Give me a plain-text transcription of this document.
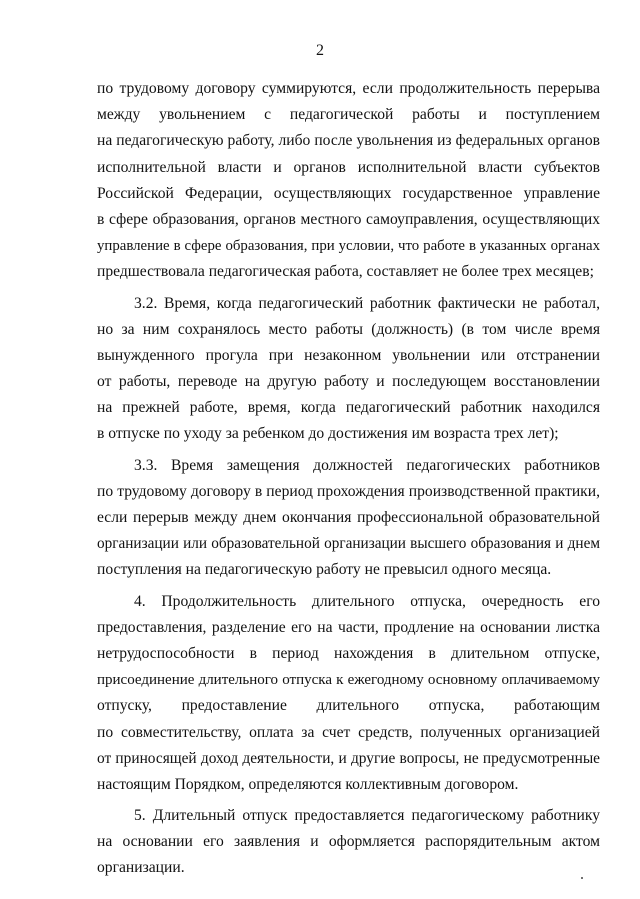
2
по трудовому договору суммируются, если продолжительность перерыва
между увольнением с педагогической работы и поступлением
на педагогическую работу, либо после увольнения из федеральных органов
исполнительной власти и органов исполнительной власти субъектов
Российской Федерации, осуществляющих государственное управление
в сфере образования, органов местного самоуправления, осуществляющих
управление в сфере образования, при условии, что работе в указанных органах
предшествовала педагогическая работа, составляет не более трех месяцев;
3.2. Время, когда педагогический работник фактически не работал,
но за ним сохранялось место работы (должность) (в том числе время
вынужденного прогула при незаконном увольнении или отстранении
от работы, переводе на другую работу и последующем восстановлении
на прежней работе, время, когда педагогический работник находился
в отпуске по уходу за ребенком до достижения им возраста трех лет);
3.3. Время замещения должностей педагогических работников
по трудовому договору в период прохождения производственной практики,
если перерыв между днем окончания профессиональной образовательной
организации или образовательной организации высшего образования и днем
поступления на педагогическую работу не превысил одного месяца.
4. Продолжительность длительного отпуска, очередность его
предоставления, разделение его на части, продление на основании листка
нетрудоспособности в период нахождения в длительном отпуске,
присоединение длительного отпуска к ежегодному основному оплачиваемому
отпуску, предоставление длительного отпуска, работающим
по совместительству, оплата за счет средств, полученных организацией
от приносящей доход деятельности, и другие вопросы, не предусмотренные
настоящим Порядком, определяются коллективным договором.
5. Длительный отпуск предоставляется педагогическому работнику
на основании его заявления и оформляется распорядительным актом
организации.
